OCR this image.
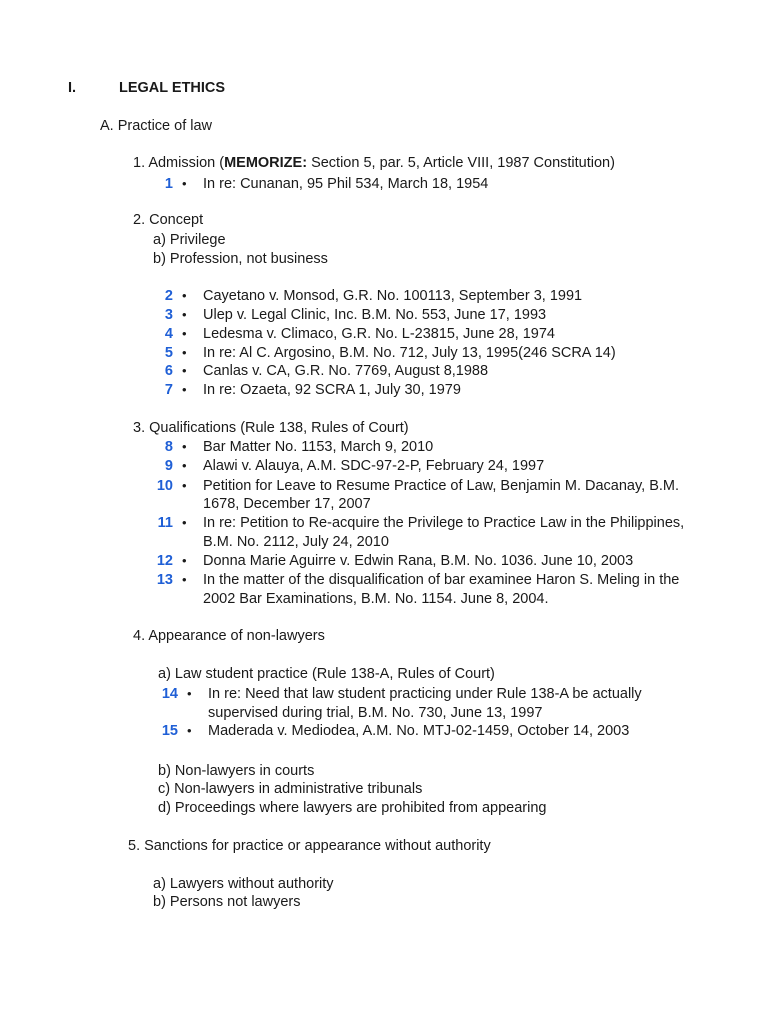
I.	LEGAL ETHICS
A. Practice of law
1. Admission (MEMORIZE: Section 5, par. 5, Article VIII, 1987 Constitution)
1 • In re: Cunanan, 95 Phil 534, March 18, 1954
2. Concept
a) Privilege
b) Profession, not business
2 • Cayetano v. Monsod, G.R. No. 100113, September 3, 1991
3 • Ulep v. Legal Clinic, Inc. B.M. No. 553, June 17, 1993
4 • Ledesma v. Climaco, G.R. No. L-23815, June 28, 1974
5 • In re: Al C. Argosino, B.M. No. 712, July 13, 1995(246 SCRA 14)
6 • Canlas v. CA, G.R. No. 7769, August 8,1988
7 • In re: Ozaeta, 92 SCRA 1, July 30, 1979
3. Qualifications (Rule 138, Rules of Court)
8 • Bar Matter No. 1153, March 9, 2010
9 • Alawi v. Alauya, A.M. SDC-97-2-P, February 24, 1997
10 • Petition for Leave to Resume Practice of Law, Benjamin M. Dacanay, B.M.
1678, December 17, 2007
11 • In re: Petition to Re-acquire the Privilege to Practice Law in the Philippines,
B.M. No. 2112, July 24, 2010
12 • Donna Marie Aguirre v. Edwin Rana, B.M. No. 1036. June 10, 2003
13 • In the matter of the disqualification of bar examinee Haron S. Meling in the
2002 Bar Examinations, B.M. No. 1154. June 8, 2004.
4. Appearance of non-lawyers
a) Law student practice (Rule 138-A, Rules of Court)
14 • In re: Need that law student practicing under Rule 138-A be actually
supervised during trial, B.M. No. 730, June 13, 1997
15 • Maderada v. Mediodea, A.M. No. MTJ-02-1459, October 14, 2003
b) Non-lawyers in courts
c) Non-lawyers in administrative tribunals
d) Proceedings where lawyers are prohibited from appearing
5. Sanctions for practice or appearance without authority
a) Lawyers without authority
b) Persons not lawyers
